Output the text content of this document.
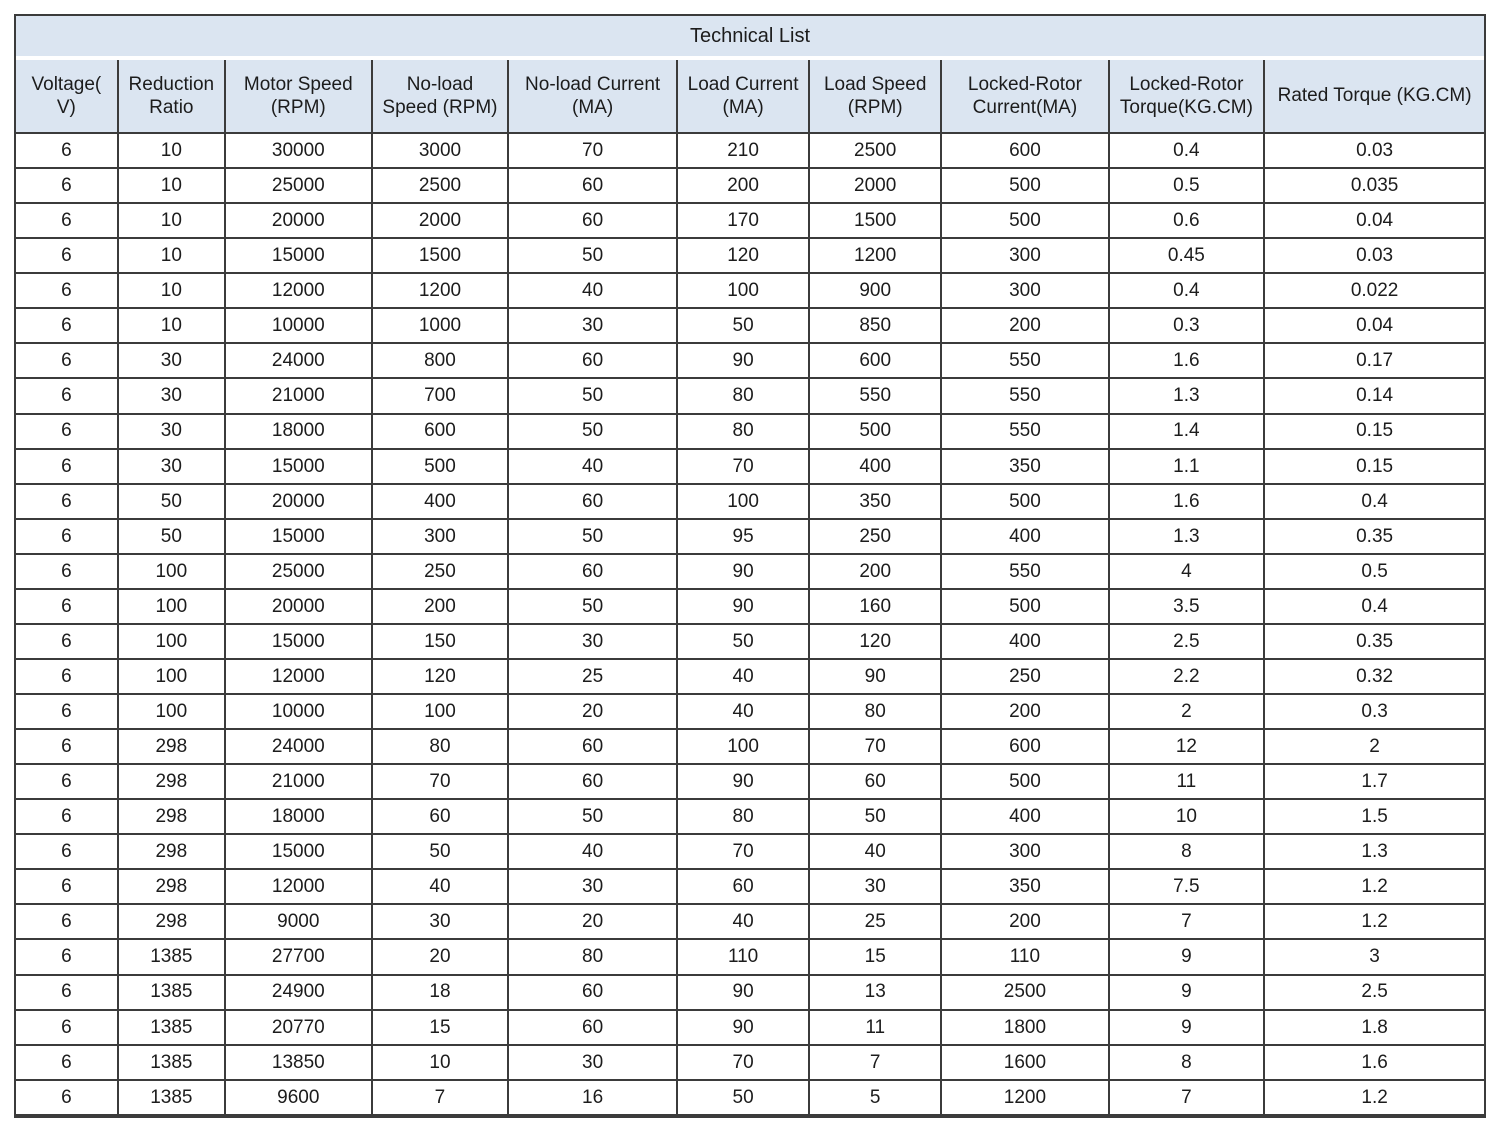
Technical List									
Voltage( V)	Reduction Ratio	Motor Speed (RPM)	No-load Speed (RPM)	No-load Current (MA)	Load Current (MA)	Load Speed (RPM)	Locked-Rotor Current(MA)	Locked-Rotor Torque(KG.CM)	Rated Torque (KG.CM)
6	10	30000	3000	70	210	2500	600	0.4	0.03
6	10	25000	2500	60	200	2000	500	0.5	0.035
6	10	20000	2000	60	170	1500	500	0.6	0.04
6	10	15000	1500	50	120	1200	300	0.45	0.03
6	10	12000	1200	40	100	900	300	0.4	0.022
6	10	10000	1000	30	50	850	200	0.3	0.04
6	30	24000	800	60	90	600	550	1.6	0.17
6	30	21000	700	50	80	550	550	1.3	0.14
6	30	18000	600	50	80	500	550	1.4	0.15
6	30	15000	500	40	70	400	350	1.1	0.15
6	50	20000	400	60	100	350	500	1.6	0.4
6	50	15000	300	50	95	250	400	1.3	0.35
6	100	25000	250	60	90	200	550	4	0.5
6	100	20000	200	50	90	160	500	3.5	0.4
6	100	15000	150	30	50	120	400	2.5	0.35
6	100	12000	120	25	40	90	250	2.2	0.32
6	100	10000	100	20	40	80	200	2	0.3
6	298	24000	80	60	100	70	600	12	2
6	298	21000	70	60	90	60	500	11	1.7
6	298	18000	60	50	80	50	400	10	1.5
6	298	15000	50	40	70	40	300	8	1.3
6	298	12000	40	30	60	30	350	7.5	1.2
6	298	9000	30	20	40	25	200	7	1.2
6	1385	27700	20	80	110	15	110	9	3
6	1385	24900	18	60	90	13	2500	9	2.5
6	1385	20770	15	60	90	11	1800	9	1.8
6	1385	13850	10	30	70	7	1600	8	1.6
6	1385	9600	7	16	50	5	1200	7	1.2
